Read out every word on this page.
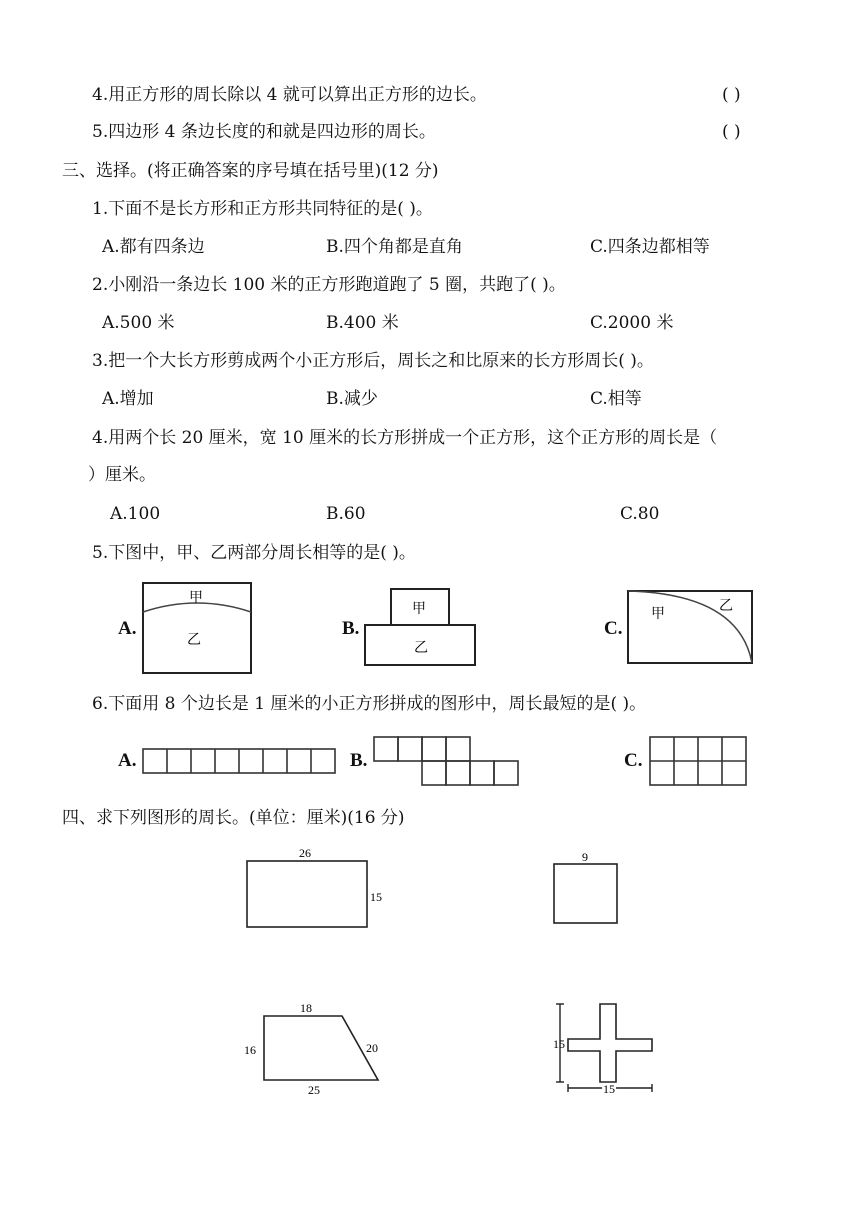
4.用正方形的周长除以 4 就可以算出正方形的边长。	( )
5.四边形 4 条边长度的和就是四边形的周长。	( )
三、选择。(将正确答案的序号填在括号里)(12 分)
1.下面不是长方形和正方形共同特征的是( )。
A.都有四条边	B.四个角都是直角	C.四条边都相等
2.小刚沿一条边长 100 米的正方形跑道跑了 5 圈，共跑了( )。
A.500 米	B.400 米	C.2000 米
3.把一个大长方形剪成两个小正方形后，周长之和比原来的长方形周长( )。
A.增加	B.减少	C.相等
4.用两个长 20 厘米，宽 10 厘米的长方形拼成一个正方形，这个正方形的周长是（
）厘米。
A.100	B.60	C.80
5.下图中，甲、乙两部分周长相等的是( )。
A.
甲
乙
B.
甲
乙
C.
甲
乙
6.下面用 8 个边长是 1 厘米的小正方形拼成的图形中，周长最短的是( )。
A.	B.	C.
四、求下列图形的周长。(单位：厘米)(16 分)
26
15
9
18
16	20
25
15
15
